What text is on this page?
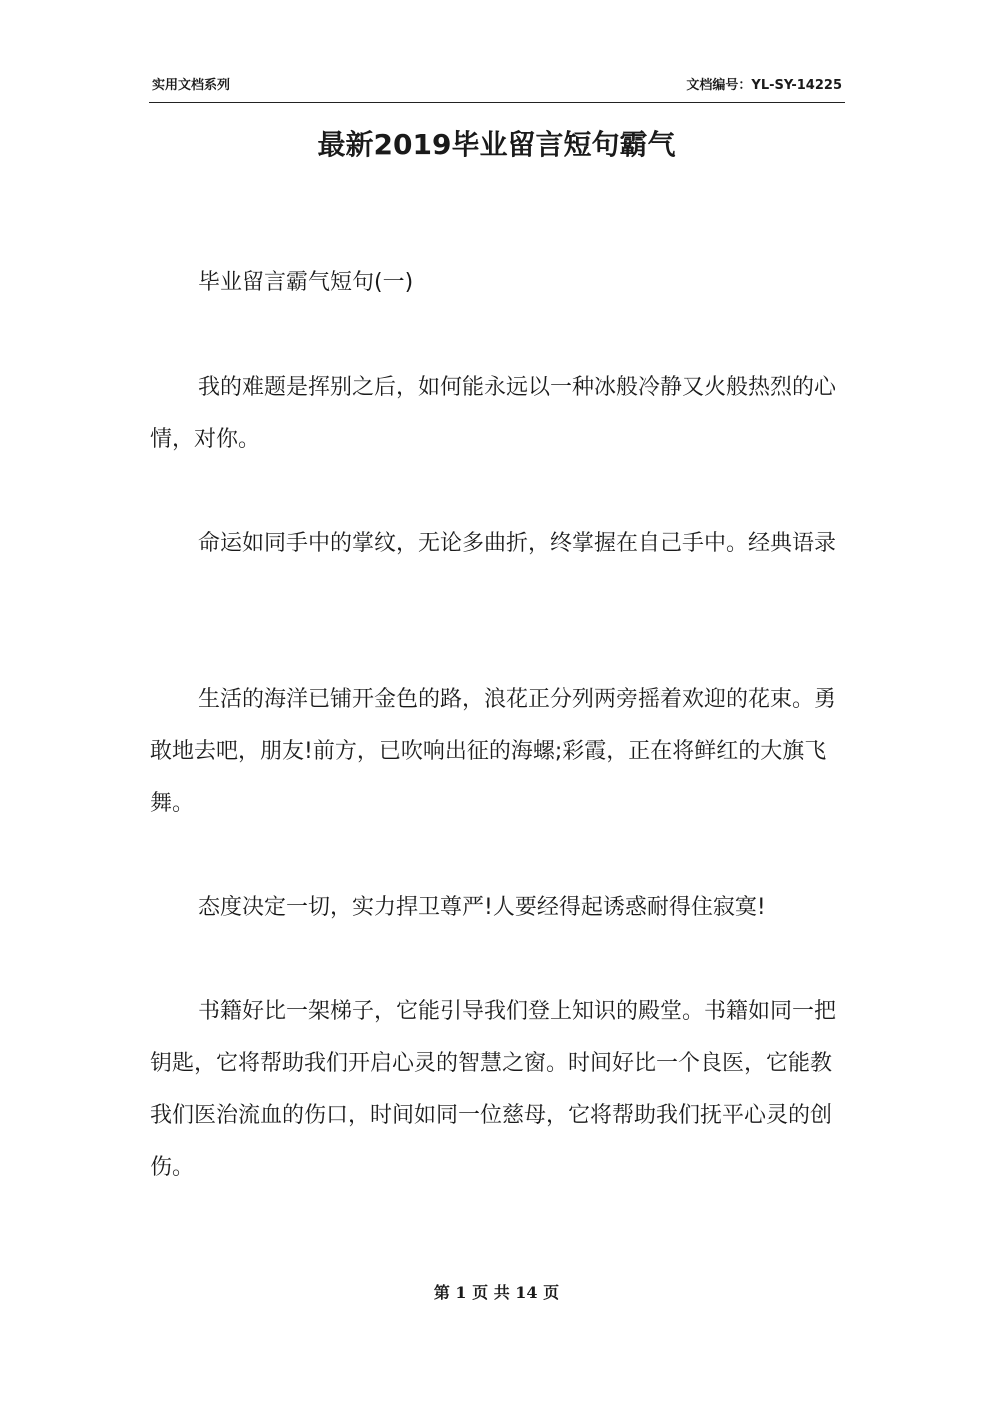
实用文档系列	文档编号：YL-SY-14225
最新2019毕业留言短句霸气

毕业留言霸气短句(一)

我的难题是挥别之后，如何能永远以一种冰般冷静又火般热烈的心情，对你。

命运如同手中的掌纹，无论多曲折，终掌握在自己手中。经典语录

生活的海洋已铺开金色的路，浪花正分列两旁摇着欢迎的花束。勇敢地去吧，朋友!前方，已吹响出征的海螺;彩霞，正在将鲜红的大旗飞舞。

态度决定一切，实力捍卫尊严!人要经得起诱惑耐得住寂寞!

书籍好比一架梯子，它能引导我们登上知识的殿堂。书籍如同一把钥匙，它将帮助我们开启心灵的智慧之窗。时间好比一个良医，它能教我们医治流血的伤口，时间如同一位慈母，它将帮助我们抚平心灵的创伤。

第 1 页 共 14 页
